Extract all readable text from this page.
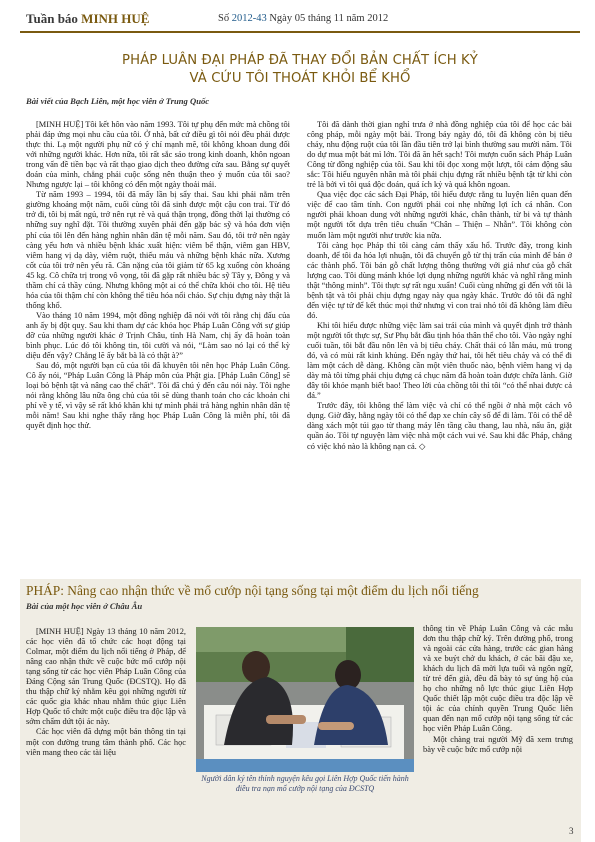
Tuần báo MINH HUỆ	Số 2012-43 Ngày 05 tháng 11 năm 2012
PHÁP LUÂN ĐẠI PHÁP ĐÃ THAY ĐỔI BẢN CHẤT ÍCH KỶ
VÀ CỨU TÔI THOÁT KHỎI BỂ KHỔ
Bài viết của Bạch Liên, một học viên ở Trung Quốc

[MINH HUỆ] Tôi kết hôn vào năm 1993. Tôi tự phụ đến mức mà chồng tôi phải đáp ứng mọi nhu cầu của tôi. Ở nhà, bất cứ điều gì tôi nói đều phải được thực thi. Lạ một người phụ nữ có ý chí mạnh mẽ, tôi không khoan dung đối với những người khác. Hơn nữa, tôi rất sắc sảo trong kinh doanh, khôn ngoan trong vấn đề tiền bạc và rất thạo giao dịch theo đường cửa sau. Bằng sự quyết đoán của mình, chẳng phải cuộc sống nên thuận theo ý muốn của tôi sao? Nhưng ngược lại – tôi không có đến một ngày thoải mái.

Từ năm 1993 – 1994, tôi đã mấy lần bị sẩy thai. Sau khi phải nằm trên giường khoảng một năm, cuối cùng tôi đã sinh được một cậu con trai. Từ đó trở đi, tôi bị mất ngủ, trở nên rụt rè và quá thận trọng, đồng thời lại thường có những suy nghĩ đặt. Tôi thường xuyên phải đến gặp bác sỹ và hóa đơn viện phí của tôi lên đến hàng nghìn nhân dân tệ mỗi năm. Sau đó, tôi trở nên ngày càng yếu hơn và nhiều bệnh khác xuất hiện: viêm bể thận, viêm gan HBV, viêm hang vị dạ dày, viêm ruột, thiếu máu và những bệnh khác nữa. Xương cốt của tôi trở nên yếu rã. Cân nặng của tôi giảm từ 65 kg xuống còn khoảng 45 kg. Cô chữa trị trong vô vọng, tôi đã gặp rất nhiều bác sỹ Tây y, Đông y và thầm chí cả thầy cúng. Nhưng không một ai có thể chữa khỏi cho tôi. Hệ tiêu hóa của tôi thậm chí còn không thể tiêu hóa nổi cháo. Sự chịu đựng này thật là thống khổ.

Vào tháng 10 năm 1994, một đồng nghiệp đã nói với tôi rằng chị đấu của anh ấy bị đột quỵ. Sau khi tham dự các khóa học Pháp Luân Công với sự giúp đỡ của những người khác ở Trịnh Châu, tỉnh Hà Nam, chị ấy đã hoàn toàn bình phục. Lúc đó tôi không tin, tôi cười và nói, “Làm sao nó lại có thể kỳ diệu đến vậy? Chẳng lẽ ấy bắt bà là cỏ thật à?”

Sau đó, một người bạn cũ của tôi đã khuyên tôi nên học Pháp Luân Công. Cô ấy nói, “Pháp Luân Công là Pháp môn của Phật gia. [Pháp Luân Công] sẽ loại bỏ bệnh tật và nâng cao thể chất”. Tôi đã chú ý đến câu nói này. Tôi nghe nói rằng không lâu nữa ông chủ của tôi sẽ dùng thanh toán cho các khoản chi phí về y tế, vì vậy sẽ rất khó khăn khi tự mình phải trả hàng nghìn nhân dân tệ mỗi năm! Sau khi nghe thấy rằng học Pháp Luân Công là miễn phí, tôi đã quyết định học thử.

Tôi đã dành thời gian nghỉ trưa ở nhà đồng nghiệp của tôi để học các bài công pháp, mỗi ngày một bài. Trong bảy ngày đó, tôi đã không còn bị tiêu chảy, nhu động ruột của tôi lần đầu tiên trở lại bình thường sau mười năm. Tôi do dự mua một bát mì lớn. Tôi đã ăn hết sạch! Tôi mượn cuốn sách Pháp Luân Công từ đồng nghiệp của tôi. Sau khi tôi đọc xong một lượt, tôi cảm động sâu sắc: Tôi hiểu nguyên nhân mà tôi phải chịu đựng rất nhiều bệnh tật từ khi còn trẻ là bởi vì tôi quá độc đoán, quá ích kỷ và quá khôn ngoan.

Qua việc đọc các sách Đại Pháp, tôi hiểu được rằng tu luyện liên quan đến việc để cao tâm tính. Con người phải coi nhẹ những lợi ích cá nhân. Con người phải khoan dung với những người khác, chân thành, từ bi và tự thành một người tốt dựa trên tiêu chuẩn “Chân – Thiện – Nhẫn”. Tôi không còn muốn làm một người như trước kia nữa.

Tôi càng học Pháp thì tôi càng cảm thấy xấu hổ. Trước đây, trong kinh doanh, để tôi đa hóa lợi nhuận, tôi đã chuyển gỗ từ thị trấn của mình để bán ở các thành phố. Tôi bán gỗ chất lượng thông thường với giá như của gỗ chất lượng cao. Tôi dùng mánh khóe lợi dụng những người khác và nghĩ rằng mình thật “thông minh”. Tôi thực sự rất ngu xuẩn! Cuối cùng những gì đến với tôi là bệnh tật và tôi phải chịu đựng ngay này qua ngày khác. Trước đó tôi đã nghĩ đến việc tự tử để kết thúc mọi thứ nhưng vì con trai nhỏ tôi đã không làm điều đó.

Khi tôi hiểu được những việc làm sai trái của mình và quyết định trở thành một người tốt thực sự, Sư Phụ bắt đầu tịnh hóa thân thể cho tôi. Vào ngày nghỉ cuối tuần, tôi bắt đầu nôn lên và bị tiêu chảy. Chất thải có lẫn máu, mủ trong đó, và có mùi rất kinh khủng. Đến ngày thứ hai, tôi hết tiêu chảy và có thể đi làm một cách dễ dàng. Không cần một viên thuốc nào, bệnh viêm hang vị dạ dày mà tôi từng phải chịu đựng cả chục năm đã hoàn toàn được chữa lành. Giờ đây tôi khỏe mạnh biết bao! Theo lời của chồng tôi thì tôi “có thể nhai được cả đá.”

Trước đây, tôi không thể làm việc và chỉ có thể ngồi ở nhà một cách vô dụng. Giờ đây, hằng ngày tôi có thể đạp xe chín cây số để đi làm. Tôi có thể dễ dàng xách một túi gạo từ thang máy lên tầng cầu thang, lau nhà, nấu ăn, giặt quần áo. Tôi tự nguyện làm việc nhà một cách vui vẻ. Sau khi đắc Pháp, chẳng có việc khó nào là không nạn cả. ◇

PHÁP: Nâng cao nhận thức về mổ cướp nội tạng sống tại một điểm du lịch nổi tiếng
Bài của một học viên ở Châu Âu

[MINH HUỆ] Ngày 13 tháng 10 năm 2012, các học viên đã tổ chức các hoạt động tại Colmar, một điểm du lịch nổi tiếng ở Pháp, để nâng cao nhận thức về cuộc bức mổ cướp nội tạng sống từ các học viên Pháp Luân Công của Đảng Cộng sản Trung Quốc (ĐCSTQ). Họ đã thu thập chữ ký nhằm kêu gọi những người từ các quốc gia khác nhau nhằm thúc giục Liên Hợp Quốc tổ chức một cuộc điều tra độc lập và sớm chấm dứt tội ác này.

Các học viên đã dựng một bản thông tin tại một con đường trung tâm thành phố. Các học viên mang theo các tài liệu

Người dân ký tên thỉnh nguyện kêu gọi Liên Hợp Quốc tiến hành điều tra nạn mổ cướp nội tạng của ĐCSTQ

thông tin về Pháp Luân Công và các mẫu đơn thu thập chữ ký. Trên đường phố, trong và ngoài các cửa hàng, trước các gian hàng và xe buýt chở du khách, ở các bãi đậu xe, khách du lịch đã mời lựa tuổi và ngôn ngữ, từ trẻ đến già, đều đã bày tỏ sự ủng hộ của họ cho những nỗ lực thúc giục Liên Hợp Quốc thiết lập một cuộc điều tra độc lập về tội ác của chính quyền Trung Quốc liên quan đến nạn mổ cướp nội tạng sống từ các học viên Pháp Luân Công.

Một chàng trai người Mỹ đã xem trưng bày về cuộc bức mổ cướp nội

3
